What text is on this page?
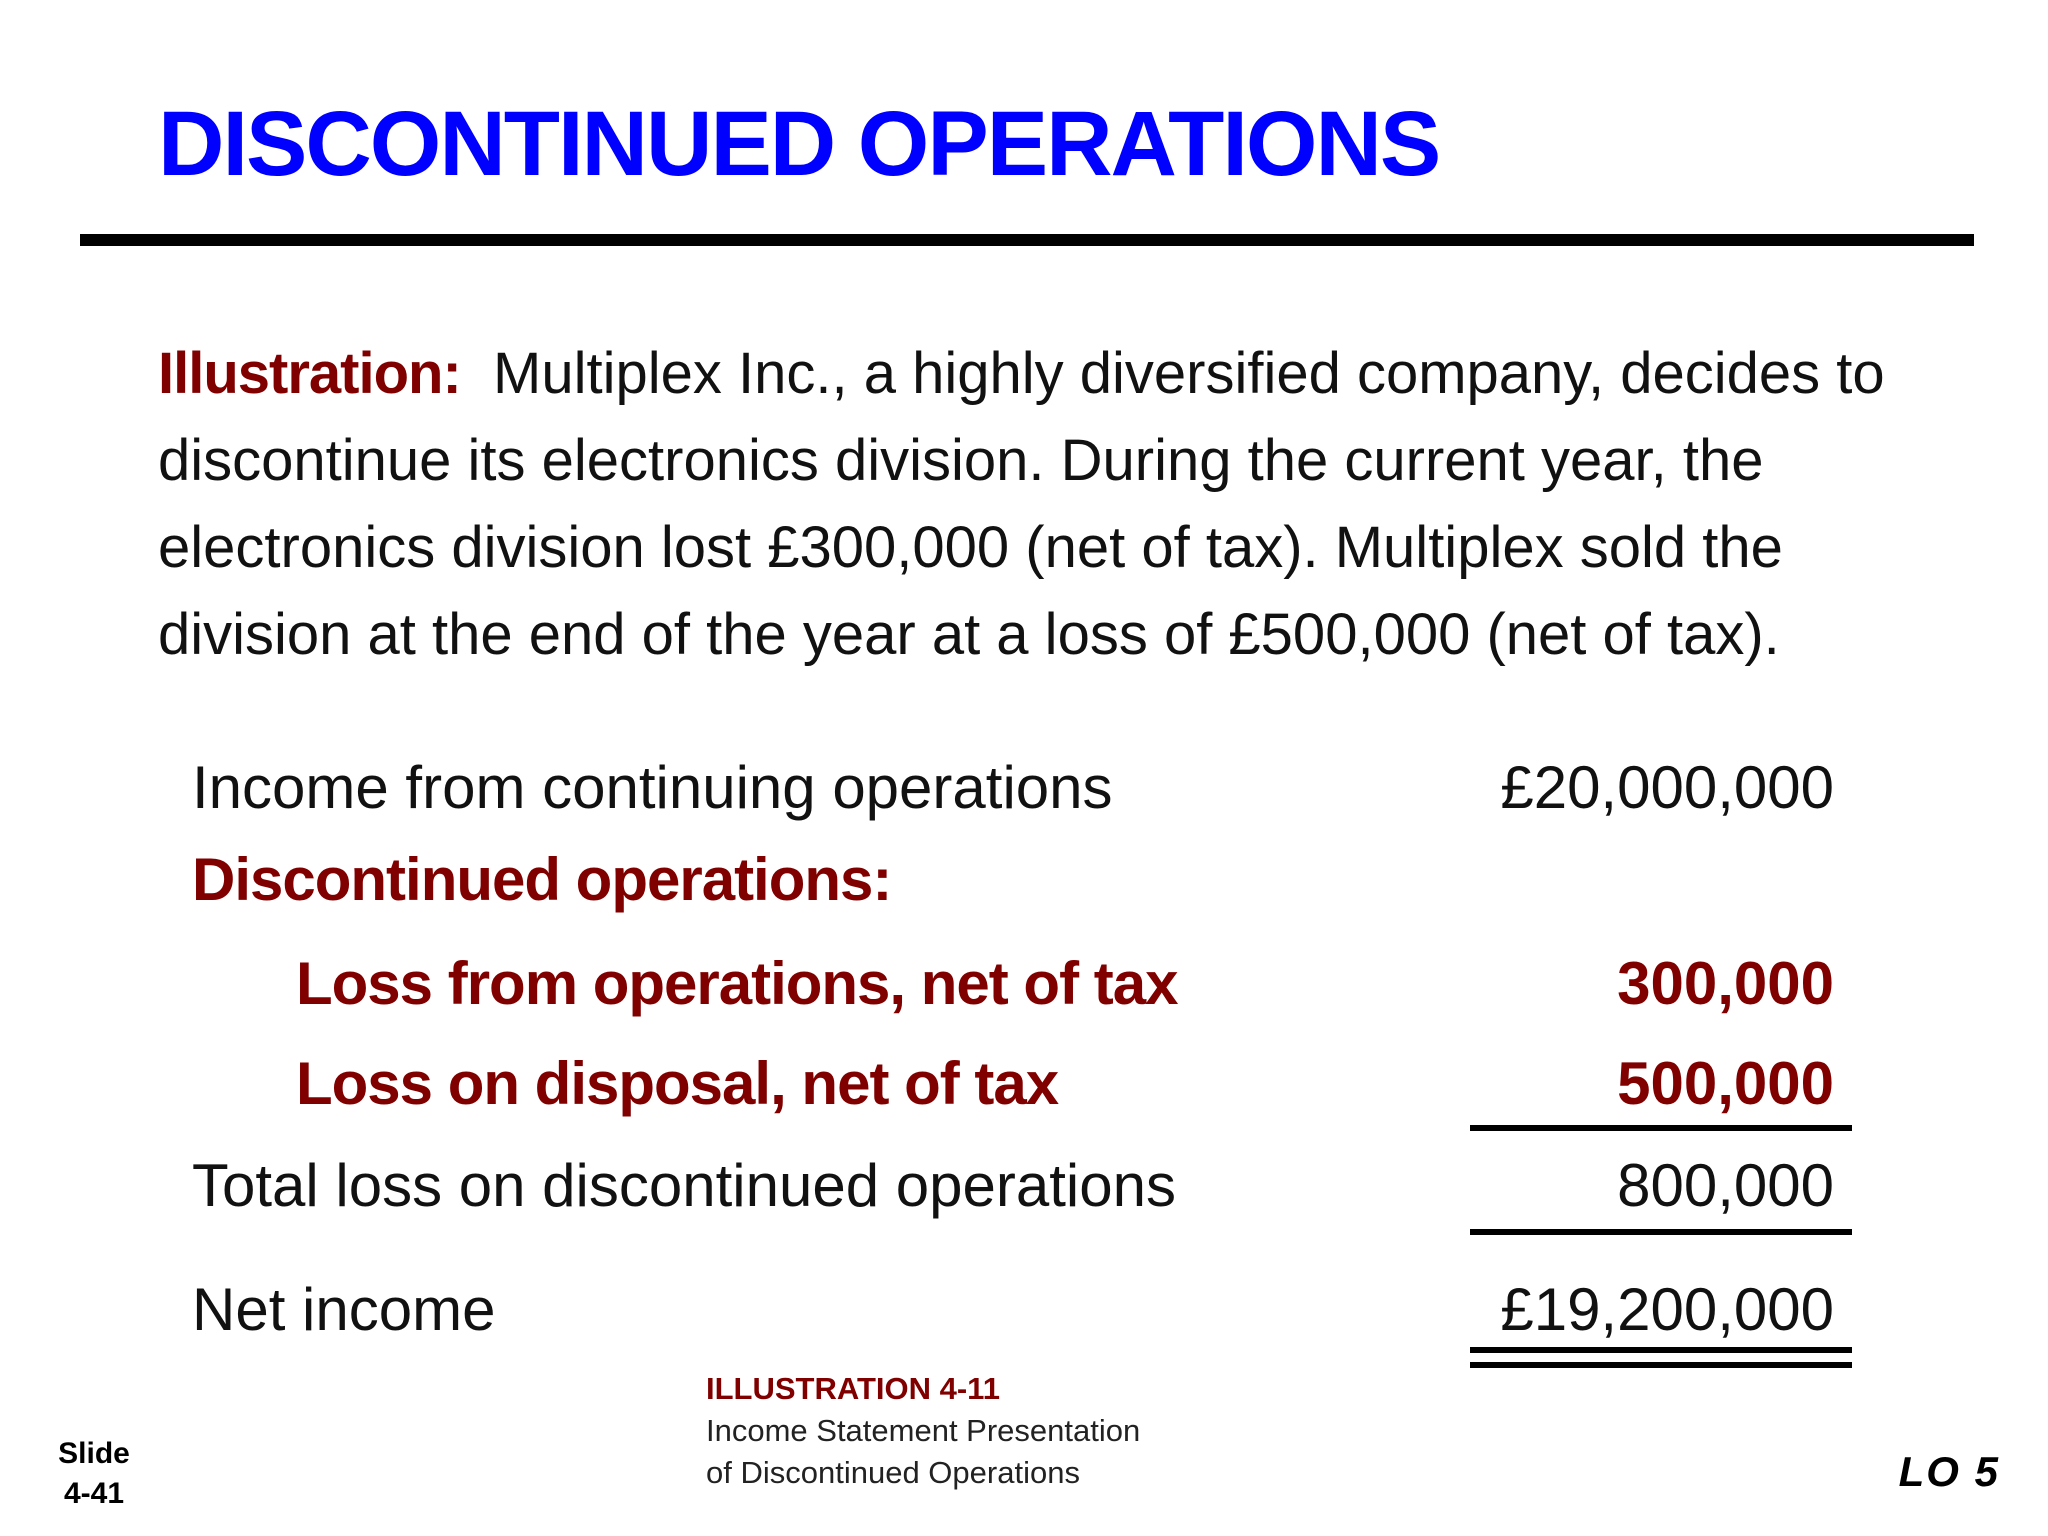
DISCONTINUED OPERATIONS
Illustration: Multiplex Inc., a highly diversified company, decides to discontinue its electronics division. During the current year, the electronics division lost £300,000 (net of tax). Multiplex sold the division at the end of the year at a loss of £500,000 (net of tax).
Income from continuing operations	£20,000,000
Discontinued operations:
Loss from operations, net of tax	300,000
Loss on disposal, net of tax	500,000
Total loss on discontinued operations	800,000
Net income	£19,200,000
ILLUSTRATION 4-11
Income Statement Presentation
of Discontinued Operations
Slide
4-41	LO 5
